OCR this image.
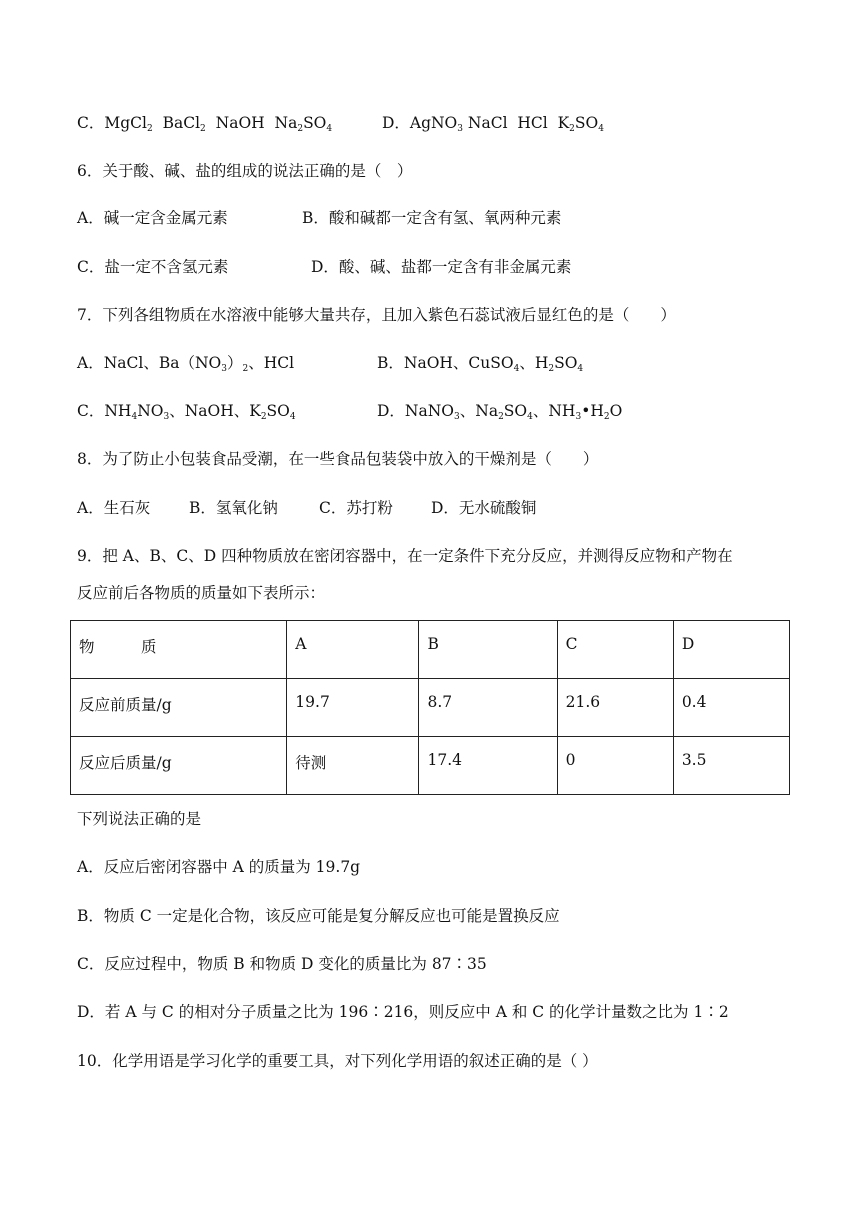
C．MgCl$_2$  BaCl$_2$  NaOH  $Na_2SO_4$	D．AgNO$_3$ NaCl  HCl  $K_2SO_4$
6．关于酸、碱、盐的组成的说法正确的是（　）
A．碱一定含金属元素	B．酸和碱都一定含有氢、氧两种元素
C．盐一定不含氢元素	D．酸、碱、盐都一定含有非金属元素
7．下列各组物质在水溶液中能够大量共存，且加入紫色石蕊试液后显红色的是（　　）
A．NaCl、$Ba(NO_3)_2$、HCl	B．NaOH、CuSO$_4$、$H_2SO_4$
C．$NH_4NO_3$、NaOH、$K_2SO_4$	D．NaNO$_3$、$Na_2SO_4$、$NH_3•H_2O$
8．为了防止小包装食品受潮，在一些食品包装袋中放入的干燥剂是（　　）
A．生石灰	B．氢氧化钠	C．苏打粉 D．无水硫酸铜
9．把 A、B、C、D 四种物质放在密闭容器中，在一定条件下充分反应，并测得反应物和产物在
反应前后各物质的质量如下表所示：
物　　　质	A	B	C	D
反应前质量/g	19.7	8.7	21.6	0.4
反应后质量/g	待测	17.4	0	3.5
下列说法正确的是
A．反应后密闭容器中 A 的质量为 19.7g
B．物质 C 一定是化合物，该反应可能是复分解反应也可能是置换反应
C．反应过程中，物质 B 和物质 D 变化的质量比为 87∶35
D．若 A 与 C 的相对分子质量之比为 196∶216，则反应中 A 和 C 的化学计量数之比为 1∶2
10．化学用语是学习化学的重要工具，对下列化学用语的叙述正确的是（ ）
